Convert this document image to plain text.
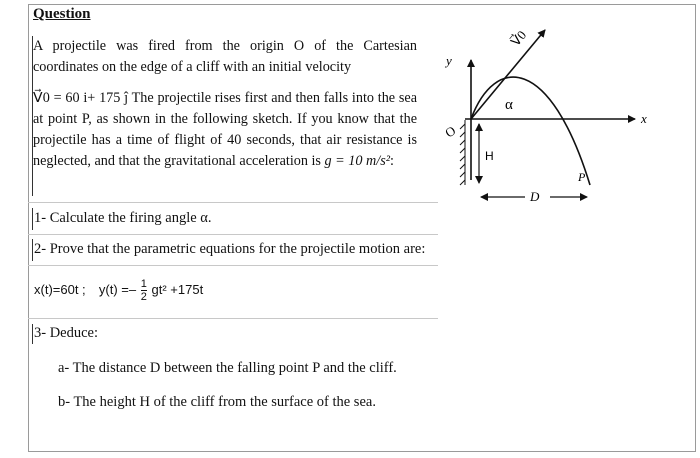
Question

A projectile was fired from the origin O of the Cartesian coordinates on the edge of a cliff with an initial velocity

V⃗0 = 60 i+ 175 ĵ The projectile rises first and then falls into the sea at point P, as shown in the following sketch. If you know that the projectile has a time of flight of 40 seconds, that air resistance is neglected, and that the gravitational acceleration is g = 10 m/s²:

1- Calculate the firing angle α.
2- Prove that the parametric equations for the projectile motion are:
x(t)=60t ; $y(t) =- \frac{1}{2} gt^2 +175t$
3- Deduce:
a- The distance D between the falling point P and the cliff.
b- The height H of the cliff from the surface of the sea.
V⃗0
y
x
α
O
H
D
P
